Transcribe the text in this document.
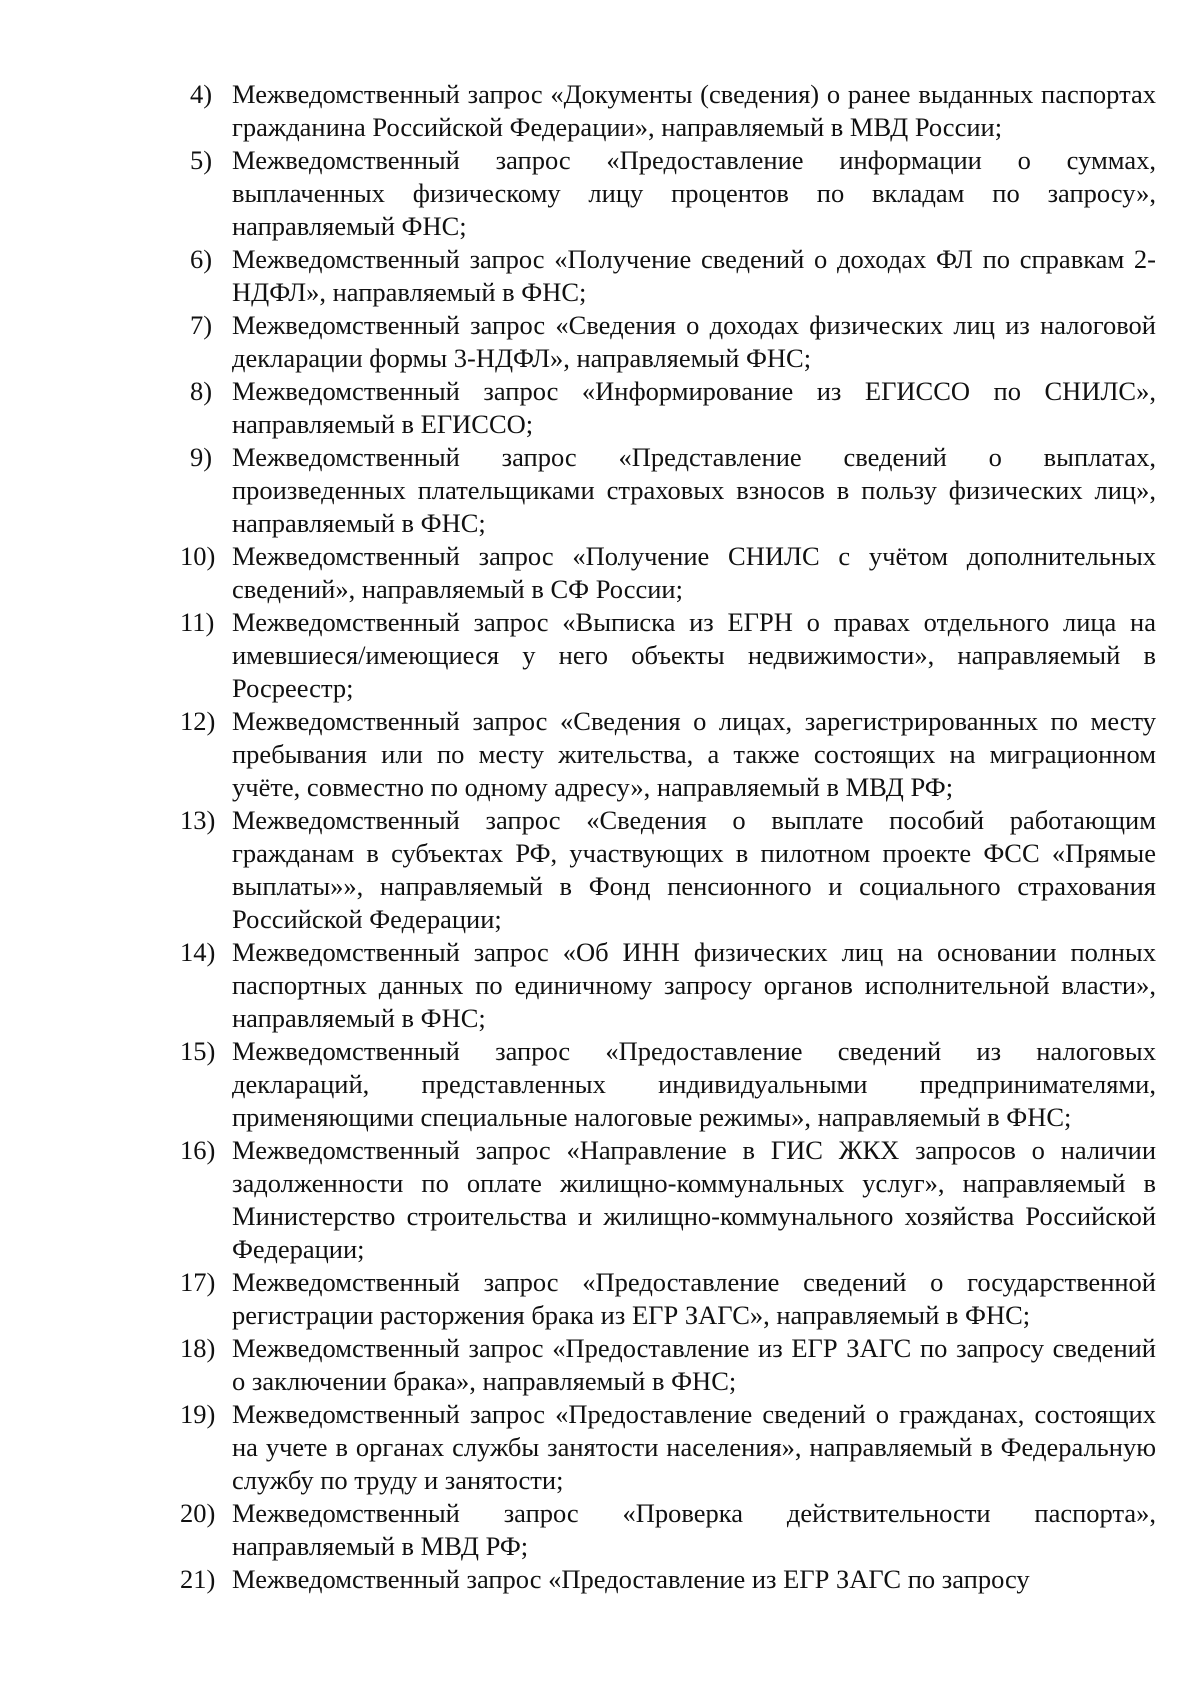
4) Межведомственный запрос «Документы (сведения) о ранее выданных паспортах гражданина Российской Федерации», направляемый в МВД России;
5) Межведомственный запрос «Предоставление информации о суммах, выплаченных физическому лицу процентов по вкладам по запросу», направляемый ФНС;
6) Межведомственный запрос «Получение сведений о доходах ФЛ по справкам 2-НДФЛ», направляемый в ФНС;
7) Межведомственный запрос «Сведения о доходах физических лиц из налоговой декларации формы 3-НДФЛ», направляемый ФНС;
8) Межведомственный запрос «Информирование из ЕГИССО по СНИЛС», направляемый в ЕГИССО;
9) Межведомственный запрос «Представление сведений о выплатах, произведенных плательщиками страховых взносов в пользу физических лиц», направляемый в ФНС;
10) Межведомственный запрос «Получение СНИЛС с учётом дополнительных сведений», направляемый в СФ России;
11) Межведомственный запрос «Выписка из ЕГРН о правах отдельного лица на имевшиеся/имеющиеся у него объекты недвижимости», направляемый в Росреестр;
12) Межведомственный запрос «Сведения о лицах, зарегистрированных по месту пребывания или по месту жительства, а также состоящих на миграционном учёте, совместно по одному адресу», направляемый в МВД РФ;
13) Межведомственный запрос «Сведения о выплате пособий работающим гражданам в субъектах РФ, участвующих в пилотном проекте ФСС «Прямые выплаты»», направляемый в Фонд пенсионного и социального страхования Российской Федерации;
14) Межведомственный запрос «Об ИНН физических лиц на основании полных паспортных данных по единичному запросу органов исполнительной власти», направляемый в ФНС;
15) Межведомственный запрос «Предоставление сведений из налоговых деклараций, представленных индивидуальными предпринимателями, применяющими специальные налоговые режимы», направляемый в ФНС;
16) Межведомственный запрос «Направление в ГИС ЖКХ запросов о наличии задолженности по оплате жилищно-коммунальных услуг», направляемый в Министерство строительства и жилищно-коммунального хозяйства Российской Федерации;
17) Межведомственный запрос «Предоставление сведений о государственной регистрации расторжения брака из ЕГР ЗАГС», направляемый в ФНС;
18) Межведомственный запрос «Предоставление из ЕГР ЗАГС по запросу сведений о заключении брака», направляемый в ФНС;
19) Межведомственный запрос «Предоставление сведений о гражданах, состоящих на учете в органах службы занятости населения», направляемый в Федеральную службу по труду и занятости;
20) Межведомственный запрос «Проверка действительности паспорта», направляемый в МВД РФ;
21) Межведомственный запрос «Предоставление из ЕГР ЗАГС по запросу
